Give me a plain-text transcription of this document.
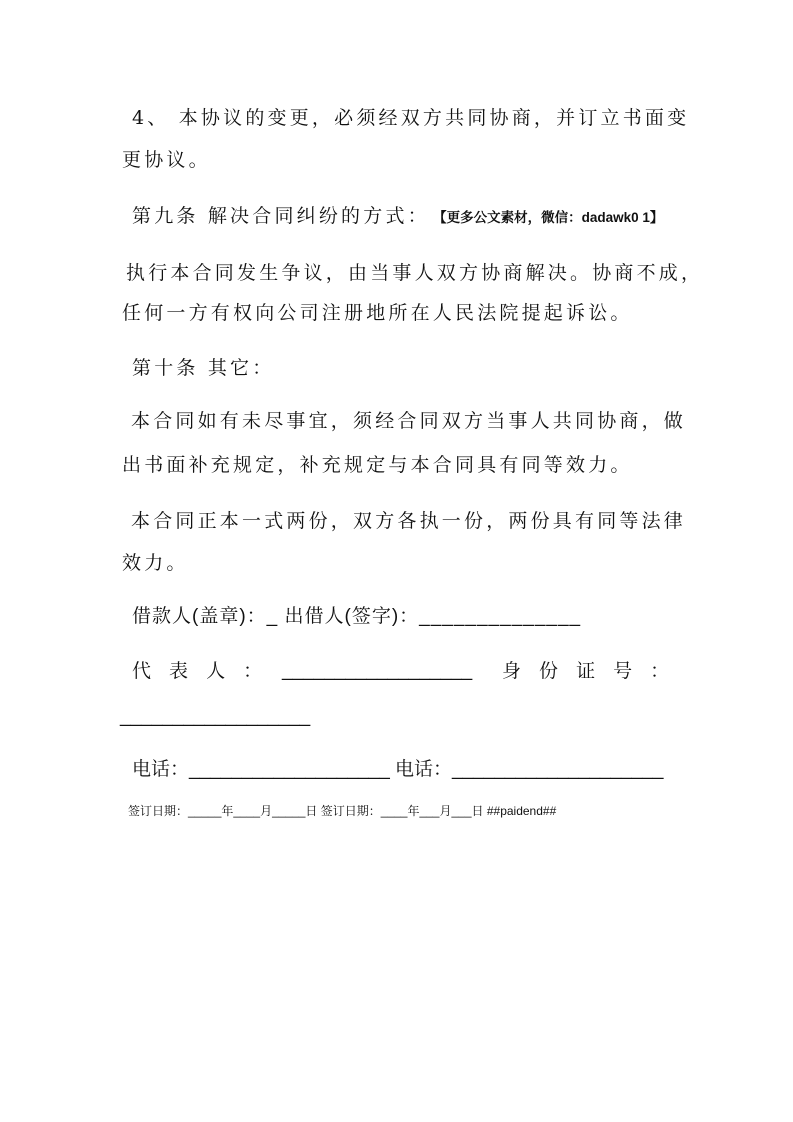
4、 本协议的变更，必须经双方共同协商，并订立书面变
更协议。
第九条 解决合同纠纷的方式： 【更多公文素材，微信：dadawk0 1】
执行本合同发生争议，由当事人双方协商解决。协商不成，
任何一方有权向公司注册地所在人民法院提起诉讼。
第十条 其它：
本合同如有未尽事宜，须经合同双方当事人共同协商，做
出书面补充规定，补充规定与本合同具有同等效力。
本合同正本一式两份，双方各执一份，两份具有同等法律
效力。
借款人(盖章)：_ 出借人(签字)：______________
代 表 人 ： __________________ 身 份 证 号 ：
__________________
电话：___________________ 电话：____________________
签订日期：_____年____月_____日 签订日期：____年___月___日 ##paidend##
